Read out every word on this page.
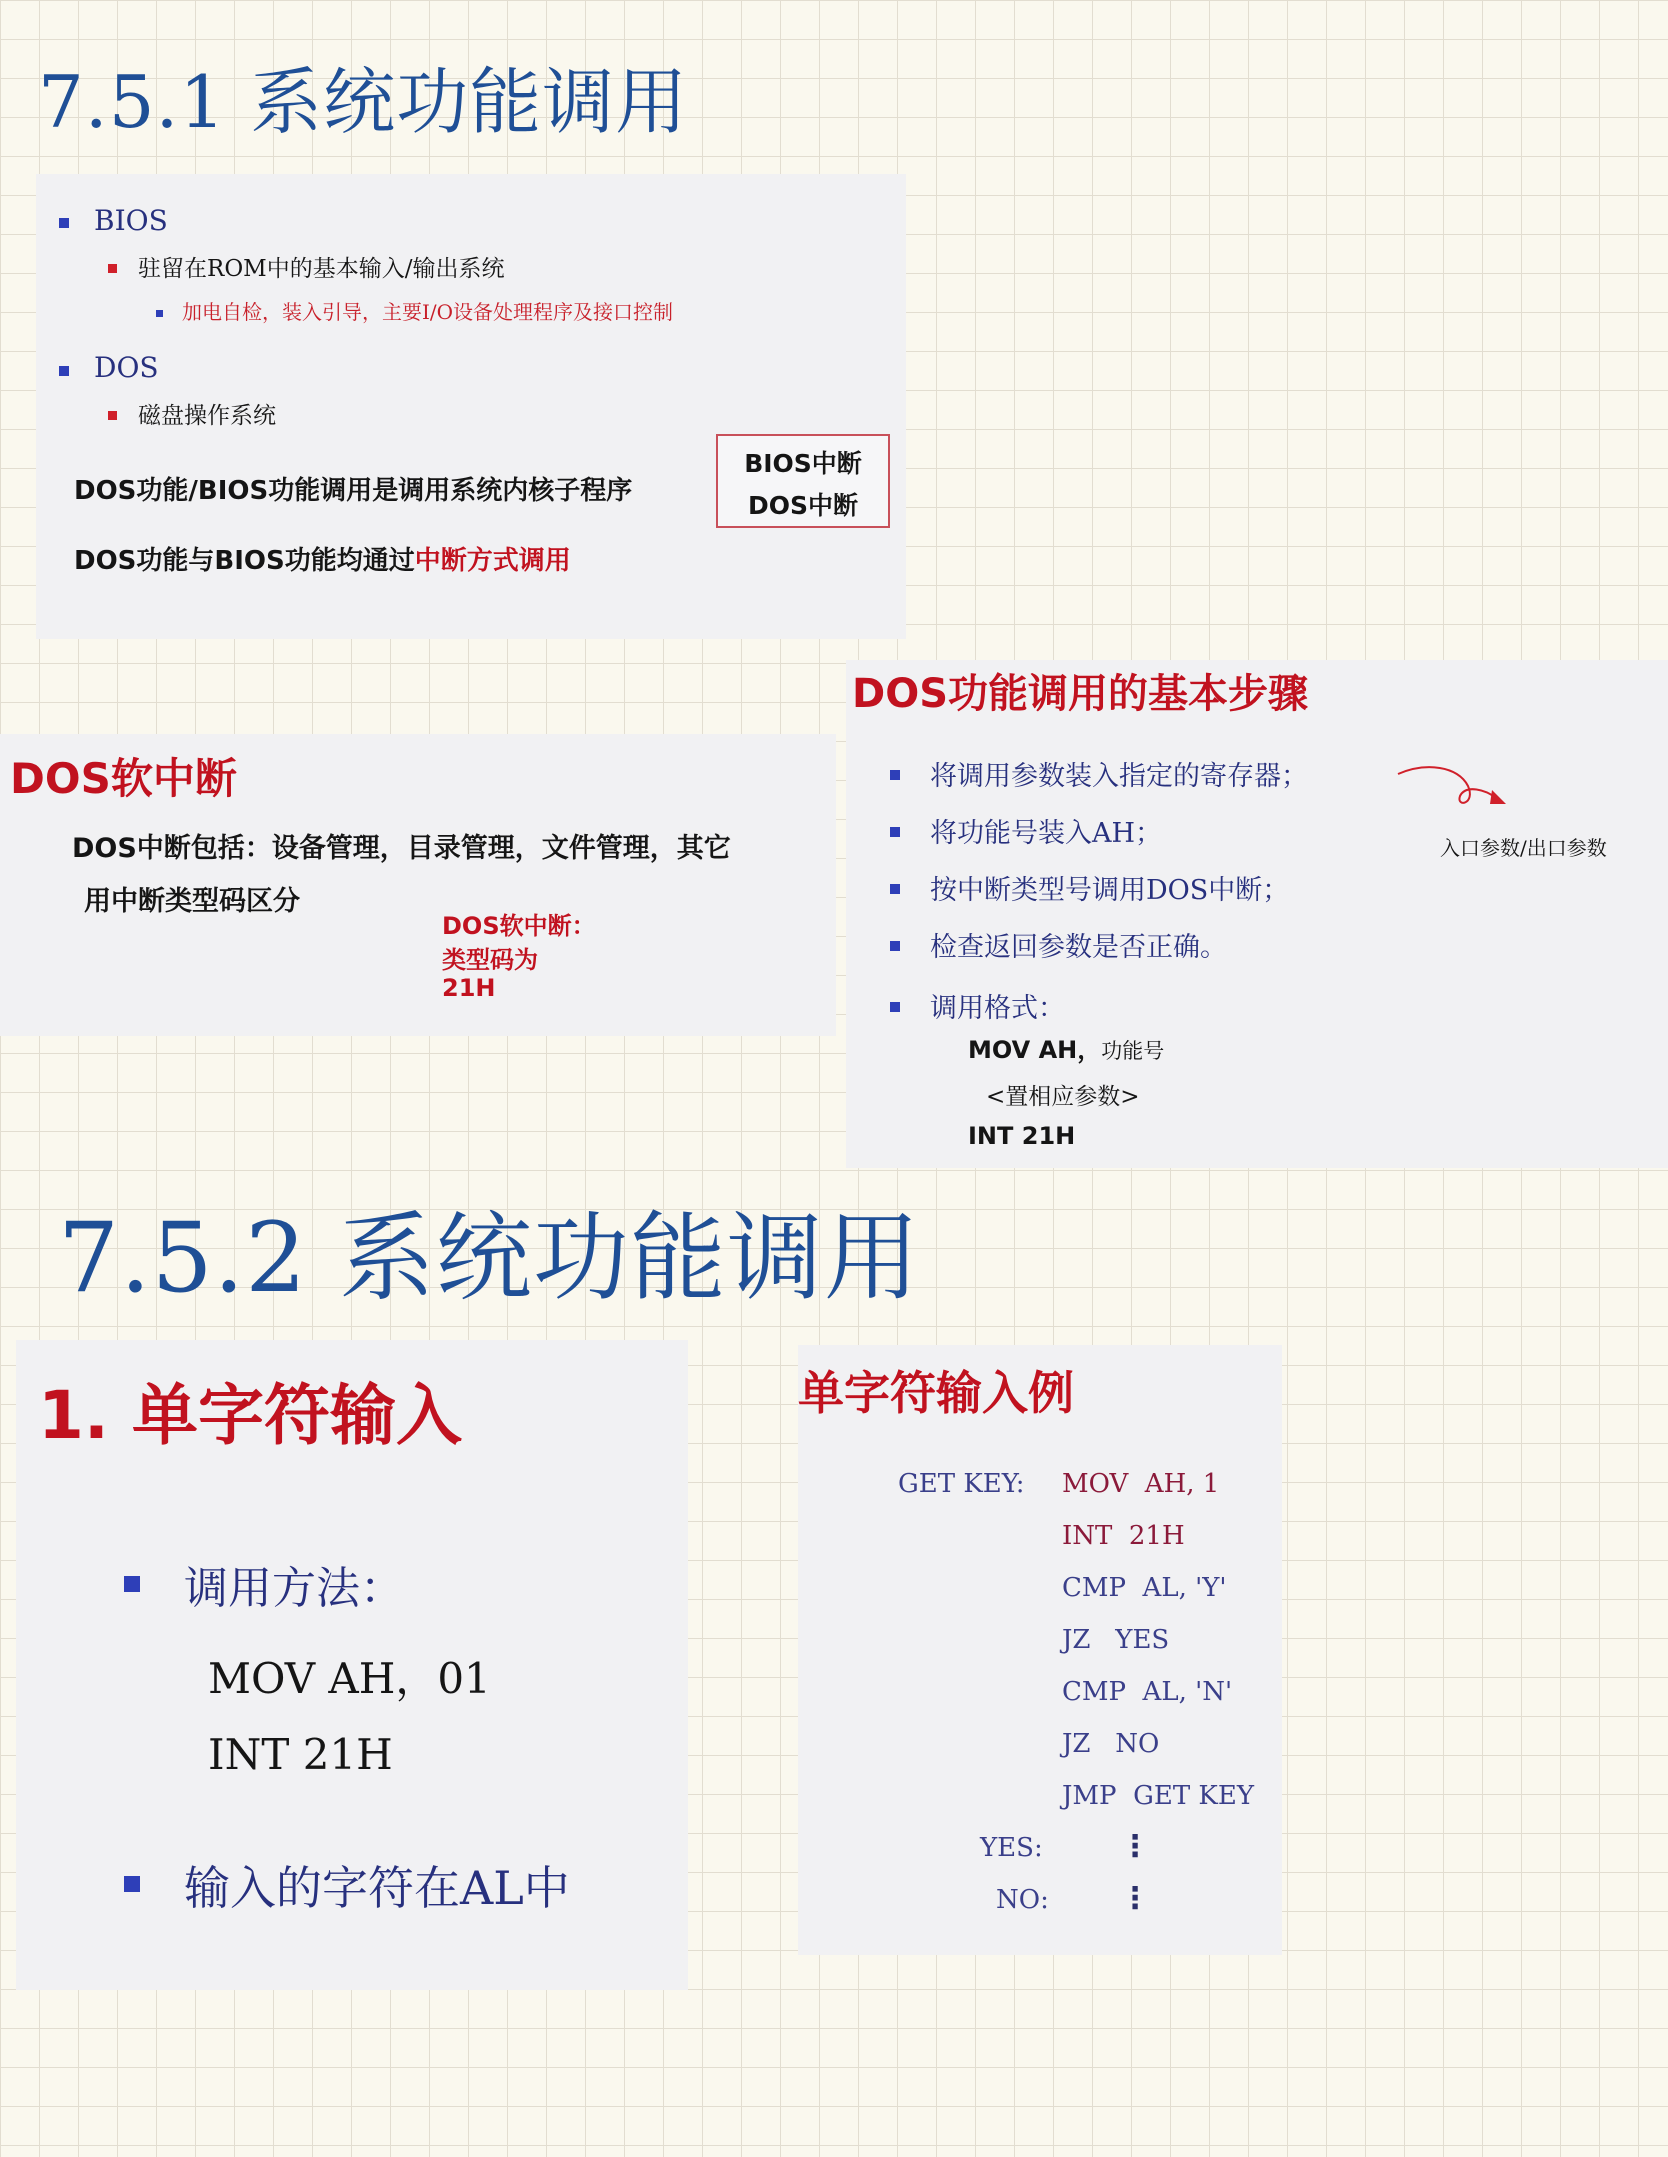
7.5.1 系统功能调用
BIOS
驻留在ROM中的基本输入/输出系统
加电自检，装入引导，主要I/O设备处理程序及接口控制
DOS
磁盘操作系统
DOS功能/BIOS功能调用是调用系统内核子程序
DOS功能与BIOS功能均通过中断方式调用
BIOS中断
DOS中断
DOS软中断
DOS中断包括：设备管理，目录管理，文件管理，其它
用中断类型码区分
DOS软中断：
类型码为
21H
DOS功能调用的基本步骤
将调用参数装入指定的寄存器；
将功能号装入AH；
按中断类型号调用DOS中断；
检查返回参数是否正确。
调用格式：
入口参数/出口参数
MOV AH，功能号
<置相应参数>
INT 21H
7.5.2 系统功能调用
1. 单字符输入
调用方法：
MOV AH，01
INT 21H
输入的字符在AL中
单字符输入例
GET KEY: MOV  AH, 1
INT  21H
CMP  AL, 'Y'
JZ   YES
CMP  AL, 'N'
JZ   NO
JMP  GET KEY
YES:	⋮
NO: ⋮
